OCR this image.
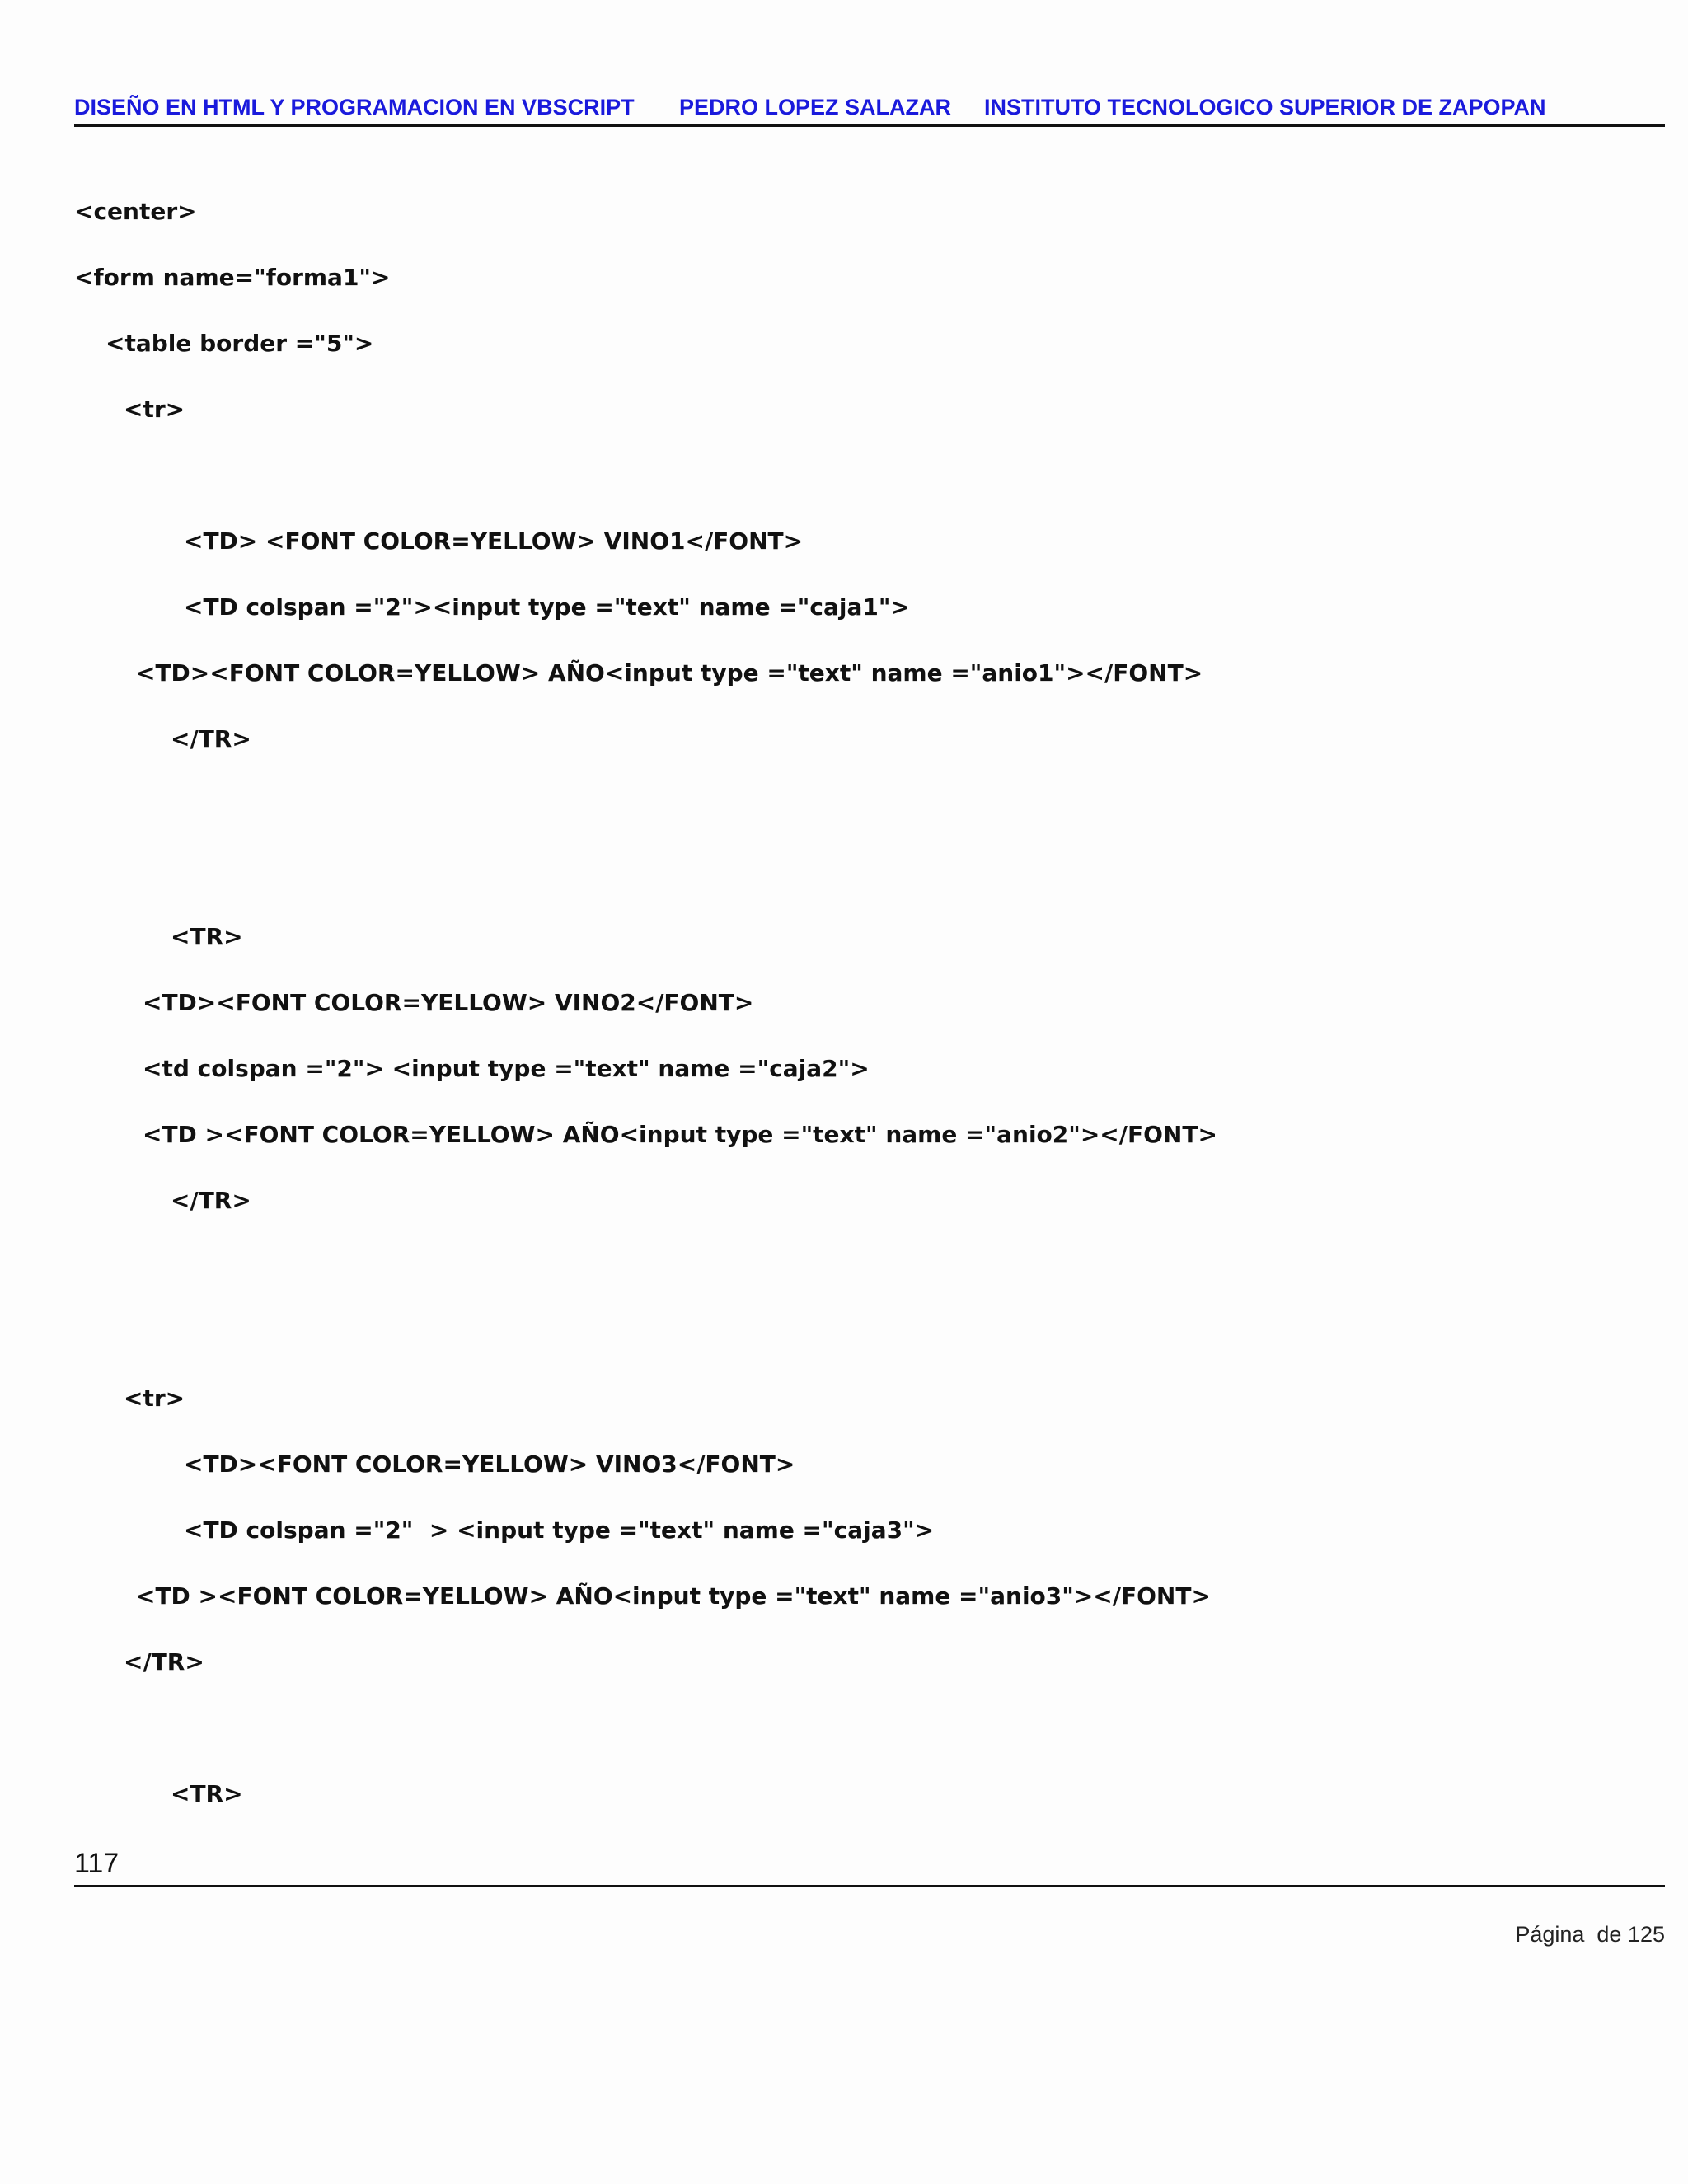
DISEÑO EN HTML Y PROGRAMACION EN VBSCRIPT PEDRO LOPEZ SALAZAR INSTITUTO TECNOLOGICO SUPERIOR DE ZAPOPAN
<center>
<form name="forma1">
<table border ="5">
<tr>
<TD> <FONT COLOR=YELLOW> VINO1</FONT>
<TD colspan ="2"><input type ="text" name ="caja1">
<TD><FONT COLOR=YELLOW> AÑO<input type ="text" name ="anio1"></FONT>
</TR>
<TR>
<TD><FONT COLOR=YELLOW> VINO2</FONT>
<td colspan ="2"> <input type ="text" name ="caja2">
<TD ><FONT COLOR=YELLOW> AÑO<input type ="text" name ="anio2"></FONT>
</TR>
<tr>
<TD><FONT COLOR=YELLOW> VINO3</FONT>
<TD colspan ="2"  > <input type ="text" name ="caja3">
<TD ><FONT COLOR=YELLOW> AÑO<input type ="text" name ="anio3"></FONT>
</TR>
<TR>
117
Página  de 125
